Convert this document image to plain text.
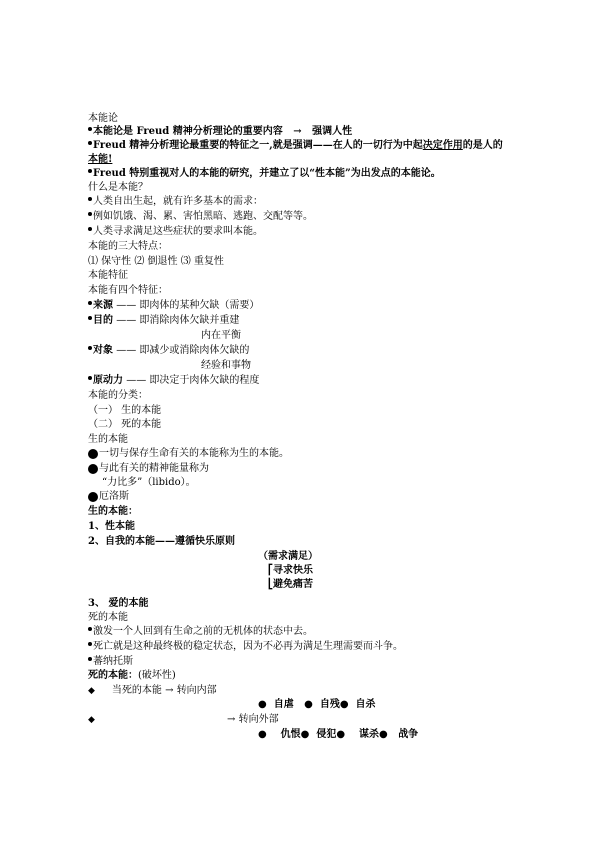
本能论
本能论是 Freud 精神分析理论的重要内容 → 强调人性
Freud 精神分析理论最重要的特征之一,就是强调——在人的一切行为中起决定作用的是人的
本能!
Freud 特别重视对人的本能的研究，并建立了以“性本能”为出发点的本能论。
什么是本能？
人类自出生起，就有许多基本的需求：
例如饥饿、渴、累、害怕黑暗、逃跑、交配等等。
人类寻求满足这些症状的要求叫本能。
本能的三大特点：
⑴ 保守性 ⑵ 倒退性 ⑶ 重复性
本能特征
本能有四个特征：
来源 —— 即肉体的某种欠缺（需要）
目的 —— 即消除肉体欠缺并重建
内在平衡
对象 —— 即减少或消除肉体欠缺的
经验和事物
原动力 —— 即决定于肉体欠缺的程度
本能的分类：
（一） 生的本能
（二） 死的本能
生的本能
一切与保存生命有关的本能称为生的本能。
与此有关的精神能量称为
“力比多”（libido）。
厄洛斯
生的本能：
1、性本能
2、自我的本能——遵循快乐原则
（需求满足）
⎡寻求快乐
⎣避免痛苦
3、 爱的本能
死的本能
激发一个人回到有生命之前的无机体的状态中去。
死亡就是这种最终极的稳定状态，因为不必再为满足生理需要而斗争。
蕃纳托斯
死的本能：(破坏性)
◆ 当死的本能 → 转向内部
●  自虐   ●  自残●  自杀
◆	→ 转向外部
●    仇恨●  侵犯●    谋杀●   战争
